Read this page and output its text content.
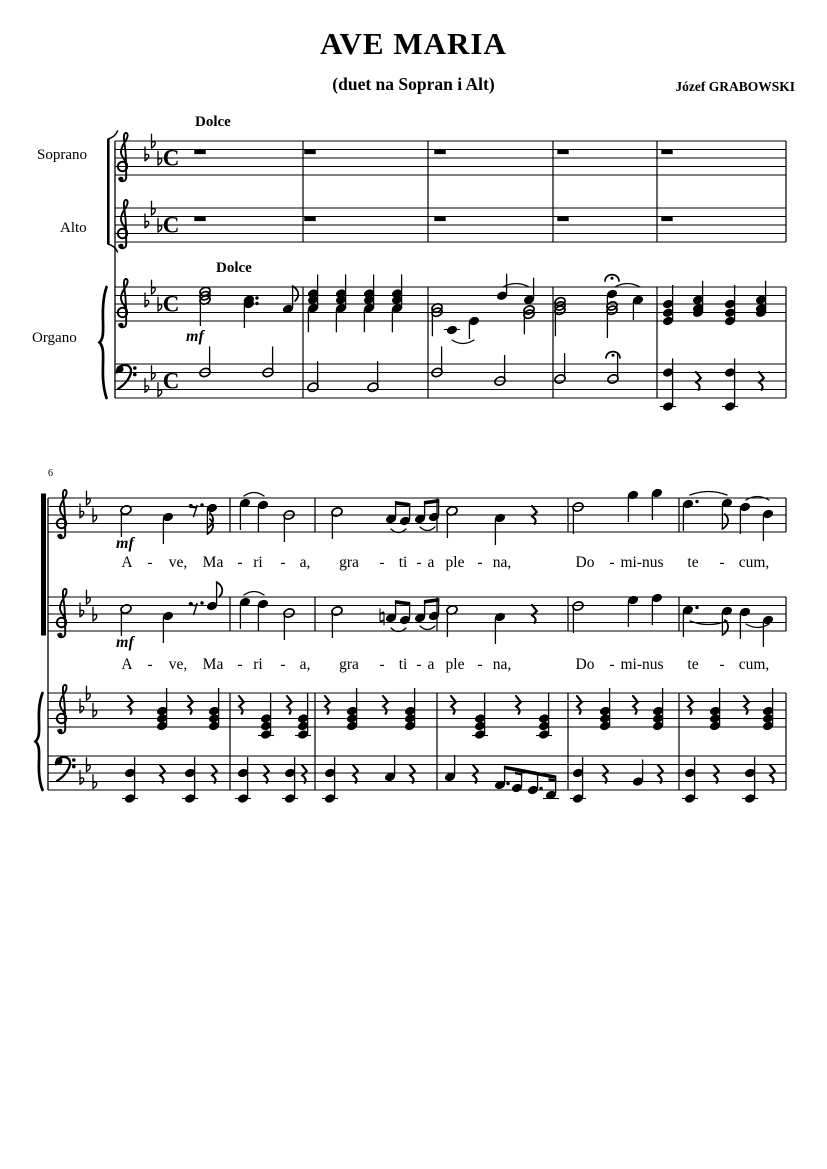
AVE MARIA
(duet na Sopran i Alt)	Józef GRABOWSKI
Dolce
Dolce
Soprano
Alto
Organo	mf
mf
mf
6
C
C
C
C
A - ve, Ma - ri - a, gra - ti - a ple - na,	Do - mi-nus te - cum,
A - ve, Ma - ri - a, gra - ti - a ple - na,	Do - mi-nus te - cum,
